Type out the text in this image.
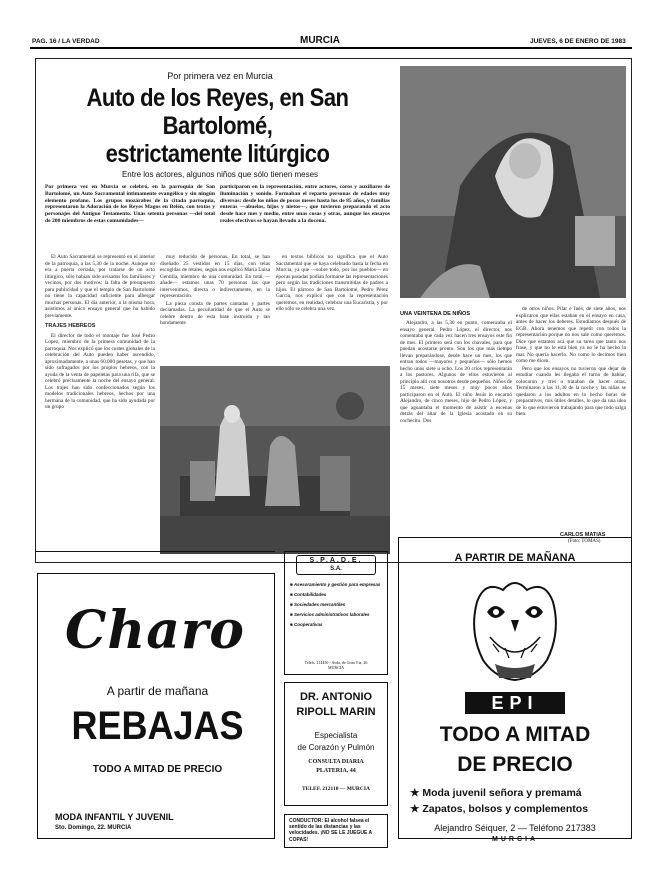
PAG. 16 / LA VERDAD	MURCIA	JUEVES, 6 DE ENERO DE 1983
Por primera vez en Murcia
Auto de los Reyes, en San Bartolomé,
estrictamente litúrgico
Entre los actores, algunos niños que sólo tienen meses
Por primera vez en Murcia se celebró, en la parroquia de San Bartolomé, un Auto Sacramental íntimamente evangélico y sin ningún elemento profano. Los grupos mozárabes de la citada parroquia, representaron la Adoración de los Reyes Magos en Belén, con textos y personajes del Antiguo Testamento. Unas setenta personas —del total de 200 miembros de estas comunidades—
participaron en la representación, entre actores, coros y auxiliares de iluminación y sonido. Formaban el reparto personas de edades muy diversas: desde los niños de pocos meses hasta los de 85 años, y familias enteras —abuelos, hijos y nietos—, que tuvieron preparando el acto desde hace mes y medio, entre unas cosas y otras, aunque los ensayos reales efectivos se hayan llevado a la docena.

El Auto Sacramental se representó en el interior de la parroquia, a las 5,30 de la noche. Aunque no era a puerta cerrada, por tratarse de un acto litúrgico, sólo habían sido avisados los familiares y vecinos, por dos motivos: la falta de presupuesto para publicidad y que el templo de San Bartolomé no tiene la capacidad suficiente para albergar muchas personas. El día anterior, a la misma hora, asistimos al único ensayo general que ha habido previamente.

TRAJES HEBREOS

El director de todo el montaje fue José Pedro López, miembro de la primera comunidad de la parroquia. Nos explicó que los costes globales de la celebración del Auto pueden haber ascendido, aproximadamente, a unas 60.000 pesetas, y que han sido sufragados por los propios hebreos, con la ayuda de la venta de papeletas para una rifa, que se celebró precisamente la noche del ensayo general. Los trajes han sido confeccionados según los modelos tradicionales hebreos, hechos por una hermana de la comunidad, que ha sido ayudada por un grupo

muy reducido de personas. En total, se han diseñado 25 vestidos en 15 días, con telas escogidas de retales, según nos explicó María Luisa Gentilla, miembro de una comunidad. En total —añade— estamos unas 70 personas las que intervenimos, directa o indirectamente, en la representación.

La pieza consta de partes cantadas y partes declamadas. La peculiaridad de que el Auto se celebre dentro de esta base instruida y tan hondamente

en textos bíblicos no significa que el Auto Sacramental que se haya celebrado hasta la fecha en Murcia, ya que —sobre todo, por los pueblos— en épocas pasadas podían formarse las representaciones pero según las tradiciones transmitidas de padres a hijos. El párroco de San Bartolomé, Pedro Pérez García, nos explicó que con la representación queremos, en realidad, celebrar una Eucaristía, y por ello sólo se celebra una vez.

UNA VEINTENA DE NIÑOS

Alejandro, a las 5,30 en punto, comenzaba el ensayo general. Pedro López, el director, nos comentaba que cada vez hacen tres ensayos este fin de mes. El primero será con los chavales, para que puedan acostarse pronto. Son los que más tiempo llevan preparándose, desde hace un mes, los que entran todos —mayores y pequeños— sólo hemos hecho unos siete u ocho. Los 20 críos representarán a los pastores. Algunos de ellos estuvieron al principio allí con nosotros desde pequeños. Niños de 15 meses, siete meses y muy pocos años participaron en el Auto. El niño Jesús lo encarnó Alejandro, de cinco meses, hijo de Pedro López, y que aguantaba el momento de asistir a escenas detrás del altar de la Iglesia acostado en su cochecito. Dos

de otros niños. Pilar e Inés, de siete años, nos explicaron que ellas estaban en el ensayo en casa, antes de hacer los deberes. Estudiamos después de EGB. Ahora tenemos que repetir con todos la representación porque no nos sale como queremos. Dice que estamos acá que su tarea que tanto nos frase, y que no le está bien ya no le ha hecho la mar. No quería hacerlo. No como lo decimos bien como me dicen.

Pero que los ensayos no tuvieron que dejar de estudiar cuando les llegaba el turno de hablar, colocaron y tres o trataban de hacer otras. Terminaron a las 11,30 de la noche y las niñas se quedaron a los adultos en lo hecho horas de preparativos, mis útiles detalles, lo que da una idea de lo que estuvieron trabajando para que todo salga bien.

CARLOS MATIAS
(Foto: TOMAS)
Charo
A partir de mañana
REBAJAS
TODO A MITAD DE PRECIO
MODA INFANTIL Y JUVENIL
Sto. Domingo, 22. MURCIA
S.P.A.D.E.
S.A.
■ Asesoramiento y gestión para empresas
■ Contabilidades
■ Sociedades mercantiles
■ Servicios administrativos laborales
■ Cooperativas
Telefs. 214450 - Avda. de Gran Vía, 26
MURCIA
DR. ANTONIO
RIPOLL MARIN
Especialista
de Corazón y Pulmón
CONSULTA DIARIA
PLATERIA, 44
TELEF. 212110 — MURCIA
CONDUCTOR: El alcohol falsea el sentido de las distancias y las velocidades. ¡NO SE LE JUEGUE A COPAS!
A PARTIR DE MAÑANA
EPI
TODO A MITAD
DE PRECIO
★ Moda juvenil señora y premamá
★ Zapatos, bolsos y complementos
Alejandro Séiquer, 2 — Teléfono 217383
MURCIA
